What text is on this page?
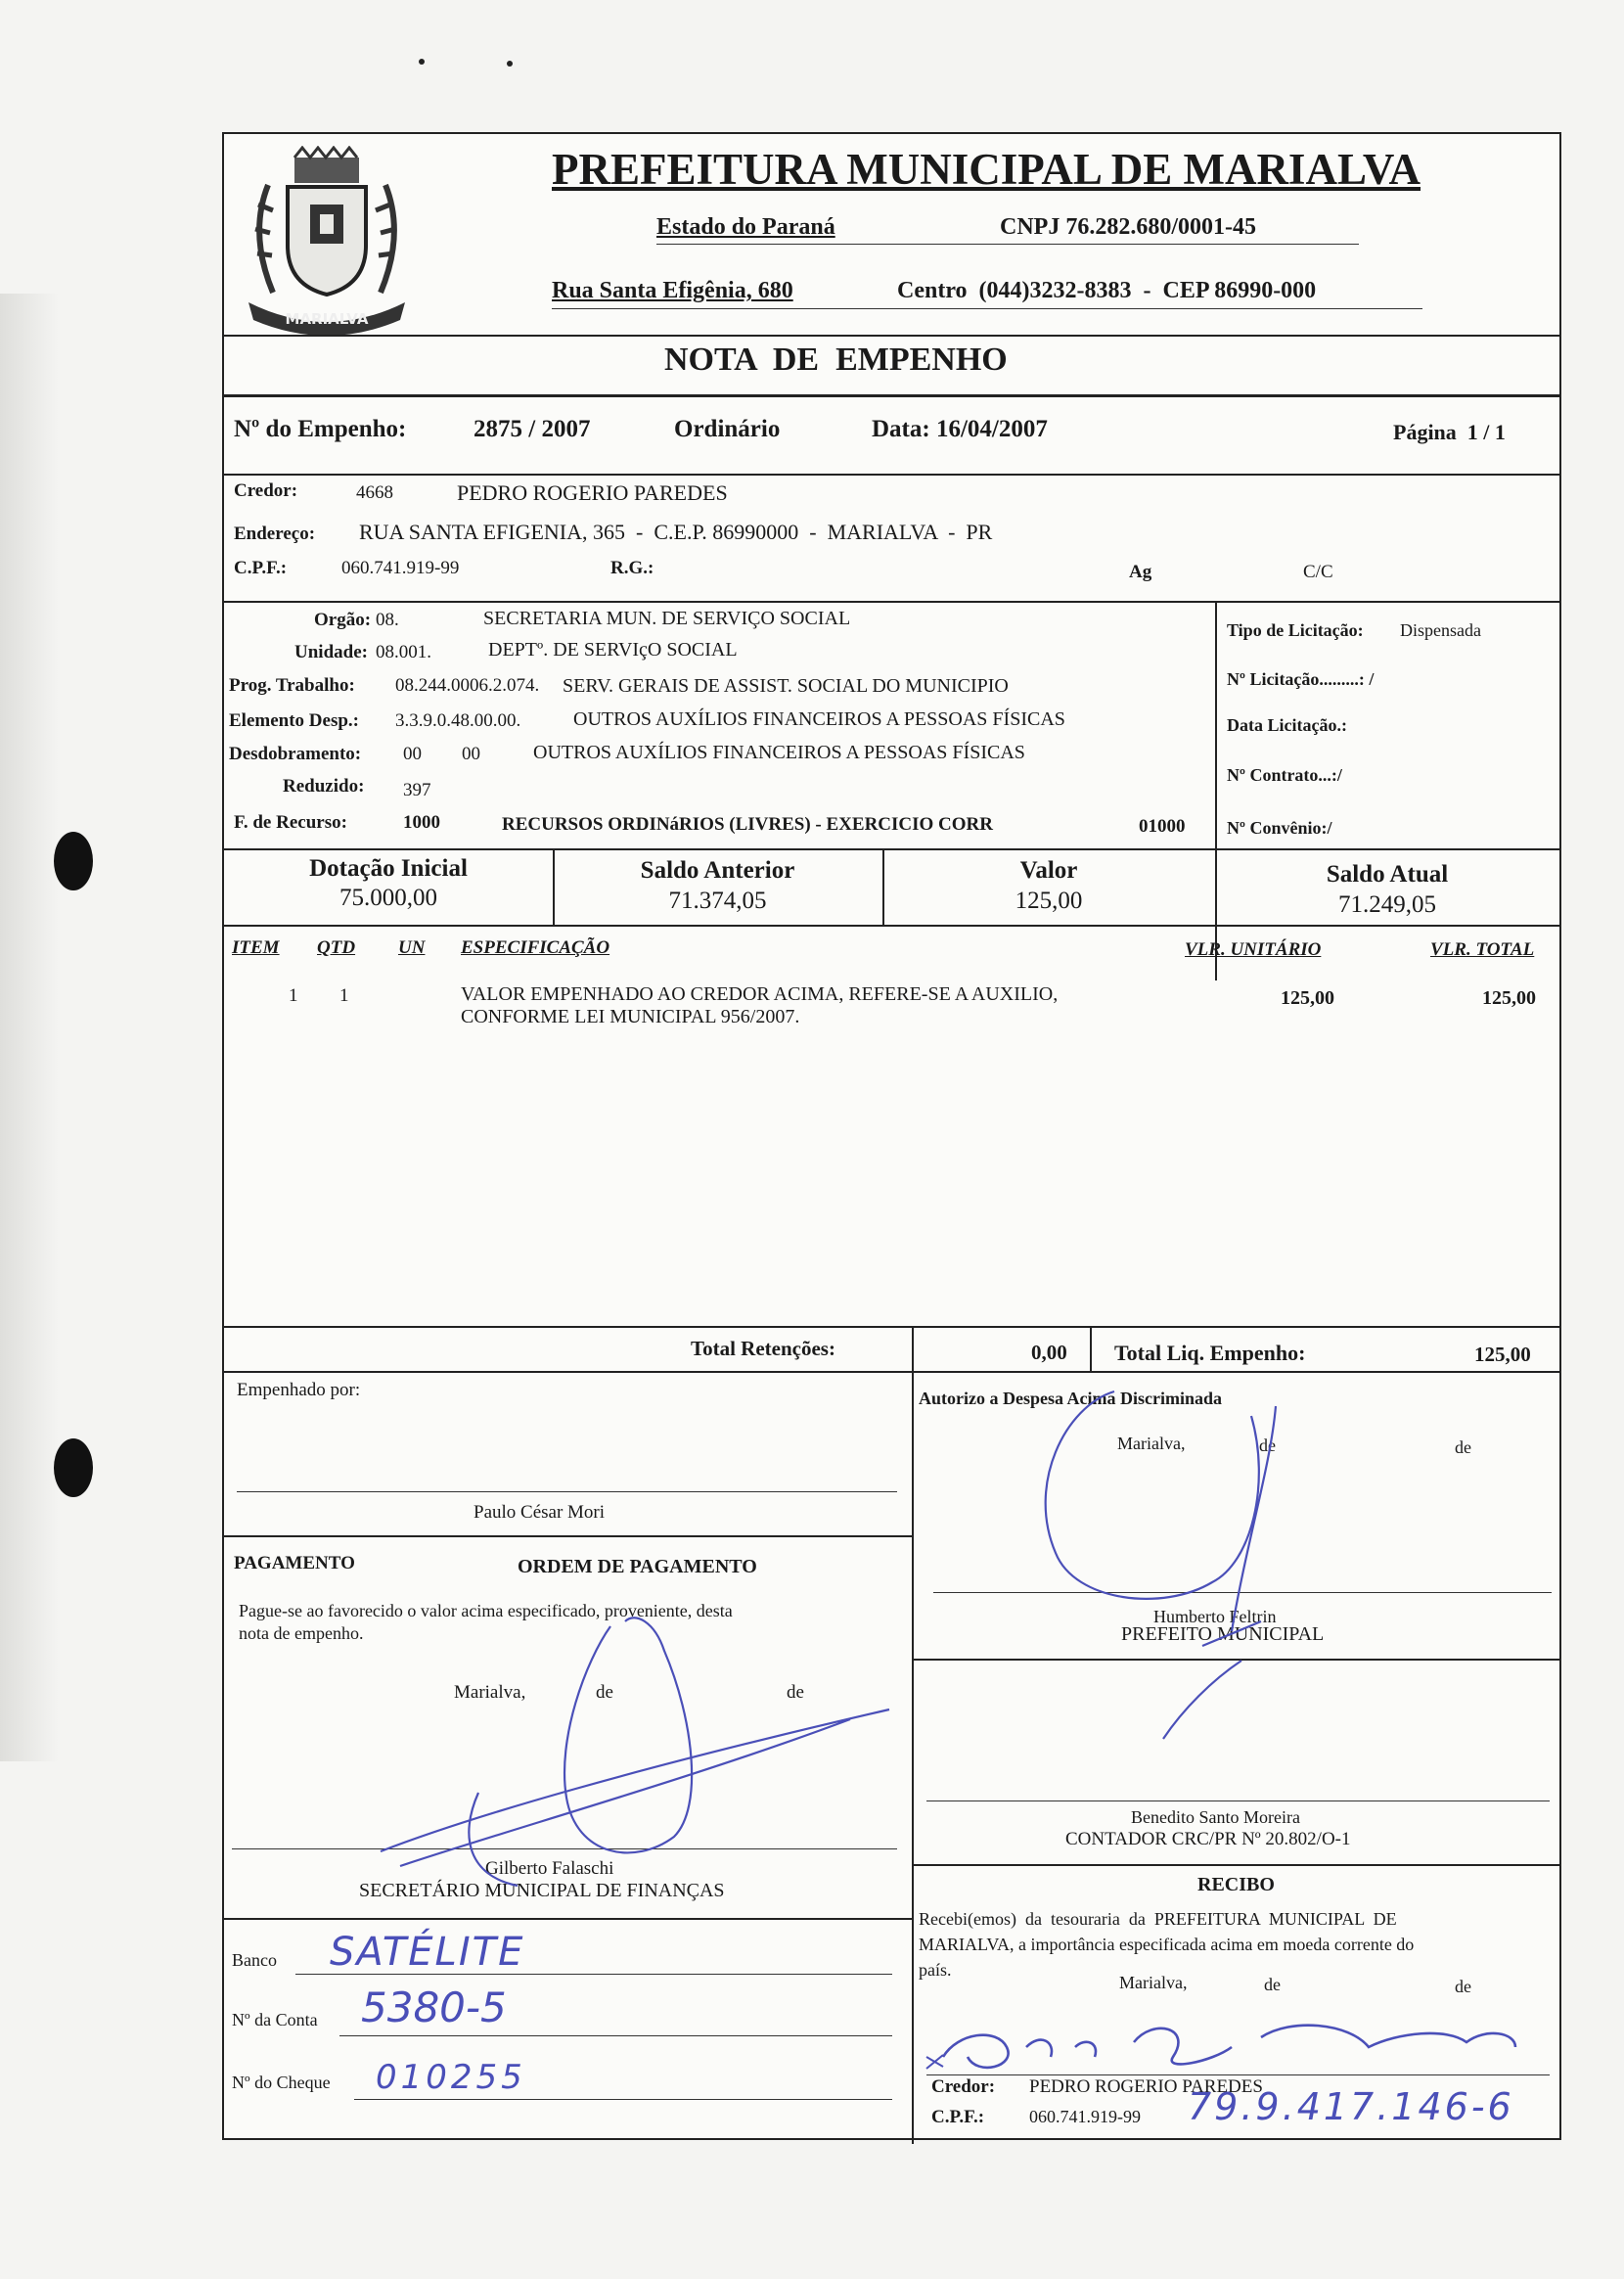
MARIALVA
PREFEITURA MUNICIPAL DE MARIALVA
Estado do Paraná	CNPJ 76.282.680/0001-45
Rua Santa Efigênia, 680	Centro  (044)3232-8383  -  CEP 86990-000
NOTA  DE  EMPENHO
Nº do Empenho:	2875 / 2007	Ordinário	Data: 16/04/2007	Página  1 / 1
Credor:	4668	PEDRO ROGERIO PAREDES
Endereço: RUA SANTA EFIGENIA, 365  -  C.E.P. 86990000  -  MARIALVA  -  PR
C.P.F.:	060.741.919-99	R.G.:	Ag	C/C
Orgão: 08.	SECRETARIA MUN. DE SERVIÇO SOCIAL
Unidade: 08.001.	DEPTº. DE SERVIçO SOCIAL
Prog. Trabalho: 08.244.0006.2.074. SERV. GERAIS DE ASSIST. SOCIAL DO MUNICIPIO
Elemento Desp.: 3.3.9.0.48.00.00.	OUTROS AUXÍLIOS FINANCEIROS A PESSOAS FÍSICAS
Desdobramento: 00 00	OUTROS AUXÍLIOS FINANCEIROS A PESSOAS FÍSICAS
Reduzido: 397
F. de Recurso:	1000	RECURSOS ORDINáRIOS (LIVRES) - EXERCICIO CORR	01000
Tipo de Licitação: Dispensada
Nº Licitação.........: /
Data Licitação.:
Nº Contrato...:/
Nº Convênio:/
Dotação Inicial
75.000,00
Saldo Anterior
71.374,05
Valor
125,00
Saldo Atual
71.249,05
ITEM QTD UN ESPECIFICAÇÃO	VLR. UNITÁRIO	VLR. TOTAL
1 1	VALOR EMPENHADO AO CREDOR ACIMA, REFERE-SE A AUXILIO,
CONFORME LEI MUNICIPAL 956/2007.
125,00	125,00
Total Retenções:	0,00 Total Liq. Empenho:	125,00
Empenhado por:
Paulo César Mori
PAGAMENTO	ORDEM DE PAGAMENTO
Pague-se ao favorecido o valor acima especificado, proveniente, desta
nota de empenho.
Marialva,	de	de
Gilberto Falaschi
SECRETÁRIO MUNICIPAL DE FINANÇAS
Banco SATÉLITE
Nº da Conta 5380-5
Nº do Cheque 010255
Autorizo a Despesa Acima Discriminada
Marialva,	de	de
Humberto Feltrin
PREFEITO MUNICIPAL
Benedito Santo Moreira
CONTADOR CRC/PR Nº 20.802/O-1
RECIBO
Recebi(emos)  da  tesouraria  da  PREFEITURA  MUNICIPAL  DE
MARIALVA, a importância especificada acima em moeda corrente do
país.
Marialva,	de	de
Credor: PEDRO ROGERIO PAREDES
C.P.F.:	060.741.919-99 79.9.417.146-6
